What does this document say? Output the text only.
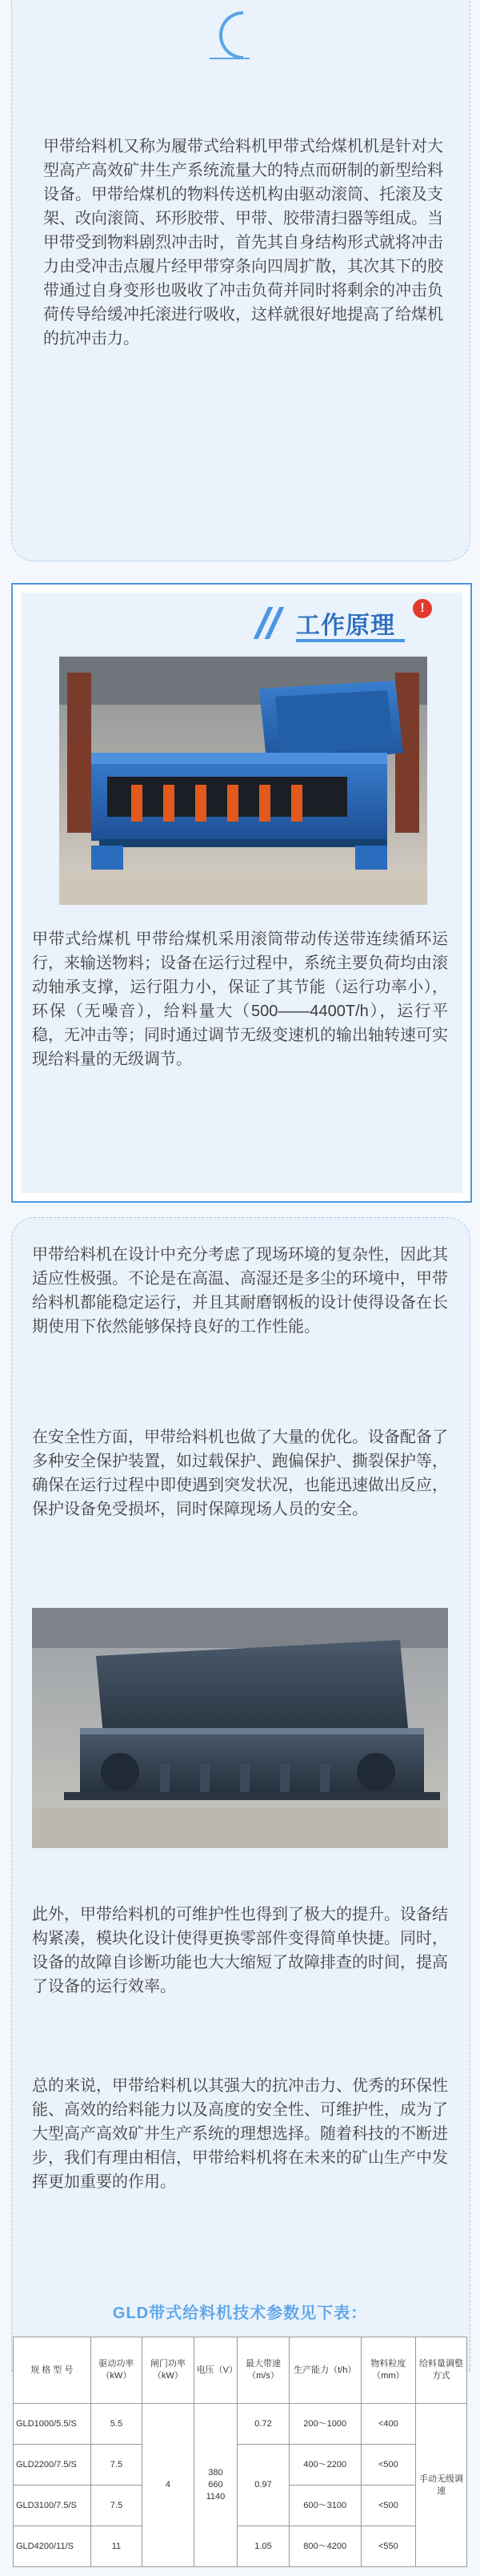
甲带给料机又称为履带式给料机甲带式给煤机机是针对大型高产高效矿井生产系统流量大的特点而研制的新型给料设备。甲带给煤机的物料传送机构由驱动滚筒、托滚及支架、改向滚筒、环形胶带、甲带、胶带清扫器等组成。当甲带受到物料剧烈冲击时，首先其自身结构形式就将冲击力由受冲击点履片经甲带穿条向四周扩散，其次其下的胶带通过自身变形也吸收了冲击负荷并同时将剩余的冲击负荷传导给缓冲托滚进行吸收，这样就很好地提高了给煤机的抗冲击力。
工作原理
!
甲带式给煤机 甲带给煤机采用滚筒带动传送带连续循环运行，来输送物料；设备在运行过程中，系统主要负荷均由滚动轴承支撑，运行阻力小，保证了其节能（运行功率小），环保（无噪音），给料量大（500——4400T/h），运行平稳，无冲击等；同时通过调节无级变速机的输出轴转速可实现给料量的无级调节。
甲带给料机在设计中充分考虑了现场环境的复杂性，因此其适应性极强。不论是在高温、高湿还是多尘的环境中，甲带给料机都能稳定运行，并且其耐磨钢板的设计使得设备在长期使用下依然能够保持良好的工作性能。
在安全性方面，甲带给料机也做了大量的优化。设备配备了多种安全保护装置，如过载保护、跑偏保护、撕裂保护等，确保在运行过程中即使遇到突发状况，也能迅速做出反应，保护设备免受损坏，同时保障现场人员的安全。
此外，甲带给料机的可维护性也得到了极大的提升。设备结构紧凑，模块化设计使得更换零部件变得简单快捷。同时，设备的故障自诊断功能也大大缩短了故障排查的时间，提高了设备的运行效率。
总的来说，甲带给料机以其强大的抗冲击力、优秀的环保性能、高效的给料能力以及高度的安全性、可维护性，成为了大型高产高效矿井生产系统的理想选择。随着科技的不断进步，我们有理由相信，甲带给料机将在未来的矿山生产中发挥更加重要的作用。
GLD带式给料机技术参数见下表：
规 格 型 号	驱动功率（kW）	闸门功率（kW）	电压（V）	最大带速（m/s）	生产能力（t/h）	物料粒度（mm）	给料量调整方式
GLD1000/5.5/S	5.5	4	380
660
1140	0.72	200～1000	<400	手动无级调速
GLD2200/7.5/S	7.5			0.97	400～2200	<500	
GLD3100/7.5/S	7.5				600～3100	<500	
GLD4200/11/S	11			1.05	800～4200	<550	
